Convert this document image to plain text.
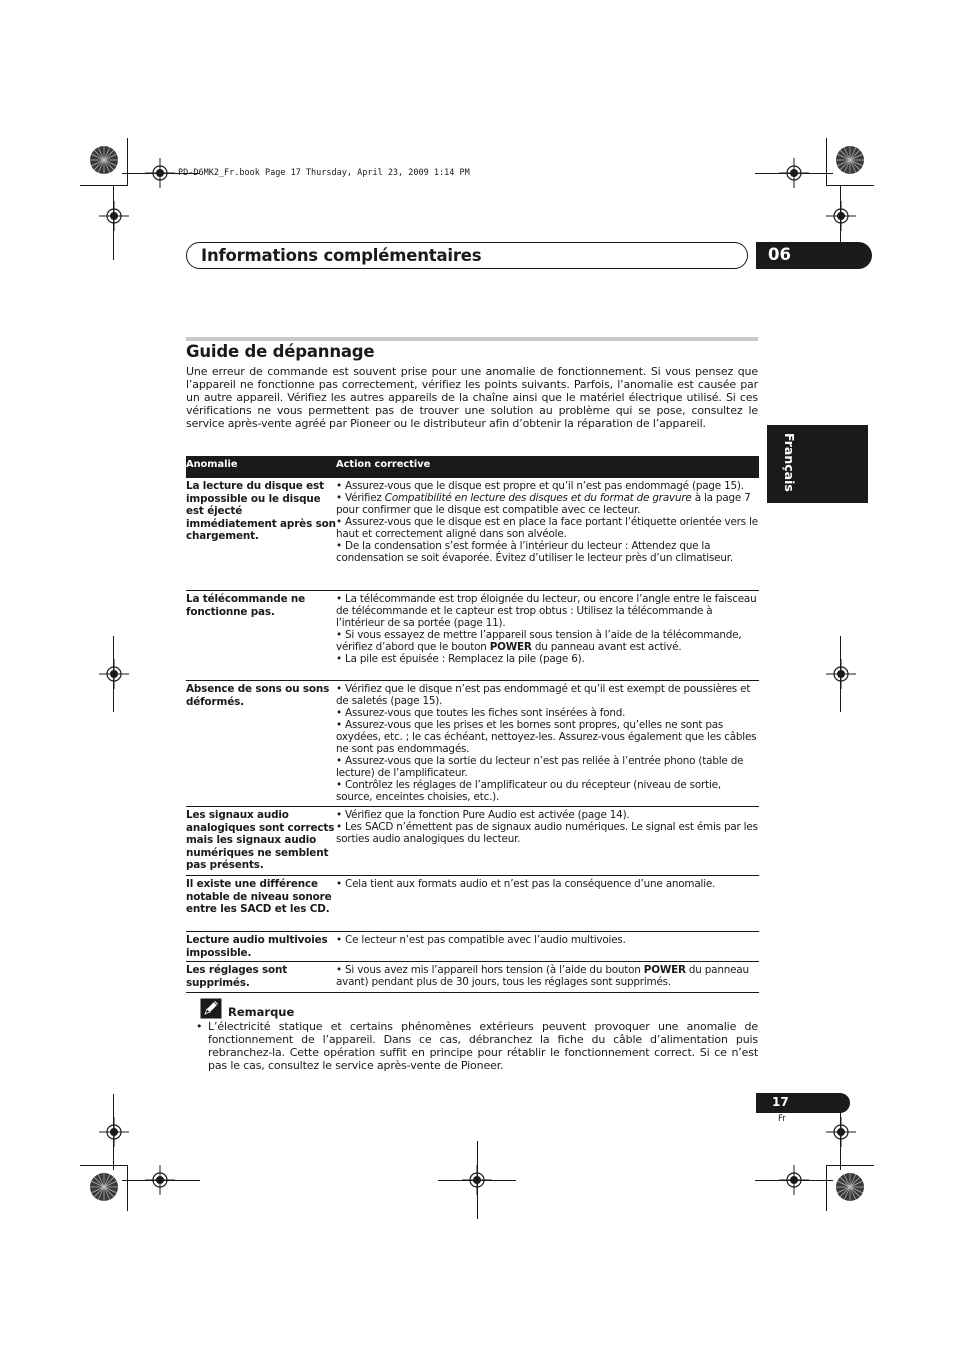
PD-D6MK2_Fr.book Page 17 Thursday, April 23, 2009 1:14 PM
Informations complémentaires	06
Français
Guide de dépannage
Une erreur de commande est souvent prise pour une anomalie de fonctionnement. Si vous pensez que l’appareil ne fonctionne pas correctement, vérifiez les points suivants. Parfois, l’anomalie est causée par un autre appareil. Vérifiez les autres appareils de la chaîne ainsi que le matériel électrique utilisé. Si ces vérifications ne vous permettent pas de trouver une solution au problème qui se pose, consultez le service après-vente agréé par Pioneer ou le distributeur afin d’obtenir la réparation de l’appareil.
Anomalie	Action corrective
La lecture du disque est impossible ou le disque est éjecté immédiatement après son chargement.

• Assurez-vous que le disque est propre et qu’il n’est pas endommagé (page 15).

• Vérifiez Compatibilité en lecture des disques et du format de gravure à la page 7 pour confirmer que le disque est compatible avec ce lecteur.

• Assurez-vous que le disque est en place la face portant l’étiquette orientée vers le haut et correctement aligné dans son alvéole.

• De la condensation s’est formée à l’intérieur du lecteur : Attendez que la condensation se soit évaporée. Évitez d’utiliser le lecteur près d’un climatiseur.

La télécommande ne fonctionne pas.

• La télécommande est trop éloignée du lecteur, ou encore l’angle entre le faisceau de télécommande et le capteur est trop obtus : Utilisez la télécommande à l’intérieur de sa portée (page 11).

• Si vous essayez de mettre l’appareil sous tension à l’aide de la télécommande, vérifiez d’abord que le bouton POWER du panneau avant est activé.

• La pile est épuisée : Remplacez la pile (page 6).

Absence de sons ou sons déformés.

• Vérifiez que le disque n’est pas endommagé et qu’il est exempt de poussières et de saletés (page 15).

• Assurez-vous que toutes les fiches sont insérées à fond.

• Assurez-vous que les prises et les bornes sont propres, qu’elles ne sont pas oxydées, etc. ; le cas échéant, nettoyez-les. Assurez-vous également que les câbles ne sont pas endommagés.

• Assurez-vous que la sortie du lecteur n’est pas reliée à l’entrée phono (table de lecture) de l’amplificateur.

• Contrôlez les réglages de l’amplificateur ou du récepteur (niveau de sortie, source, enceintes choisies, etc.).

Les signaux audio analogiques sont corrects mais les signaux audio numériques ne semblent pas présents.

• Vérifiez que la fonction Pure Audio est activée (page 14).

• Les SACD n’émettent pas de signaux audio numériques. Le signal est émis par les sorties audio analogiques du lecteur.

Il existe une différence notable de niveau sonore entre les SACD et les CD.

• Cela tient aux formats audio et n’est pas la conséquence d’une anomalie.

Lecture audio multivoies impossible.

• Ce lecteur n’est pas compatible avec l’audio multivoies.

Les réglages sont supprimés.

• Si vous avez mis l’appareil hors tension (à l’aide du bouton POWER du panneau avant) pendant plus de 30 jours, tous les réglages sont supprimés.

Remarque
• L’électricité statique et certains phénomènes extérieurs peuvent provoquer une anomalie de fonctionnement de l’appareil. Dans ce cas, débranchez la fiche du câble d’alimentation puis rebranchez-la. Cette opération suffit en principe pour rétablir le fonctionnement correct. Si ce n’est pas le cas, consultez le service après-vente de Pioneer.
17
Fr
